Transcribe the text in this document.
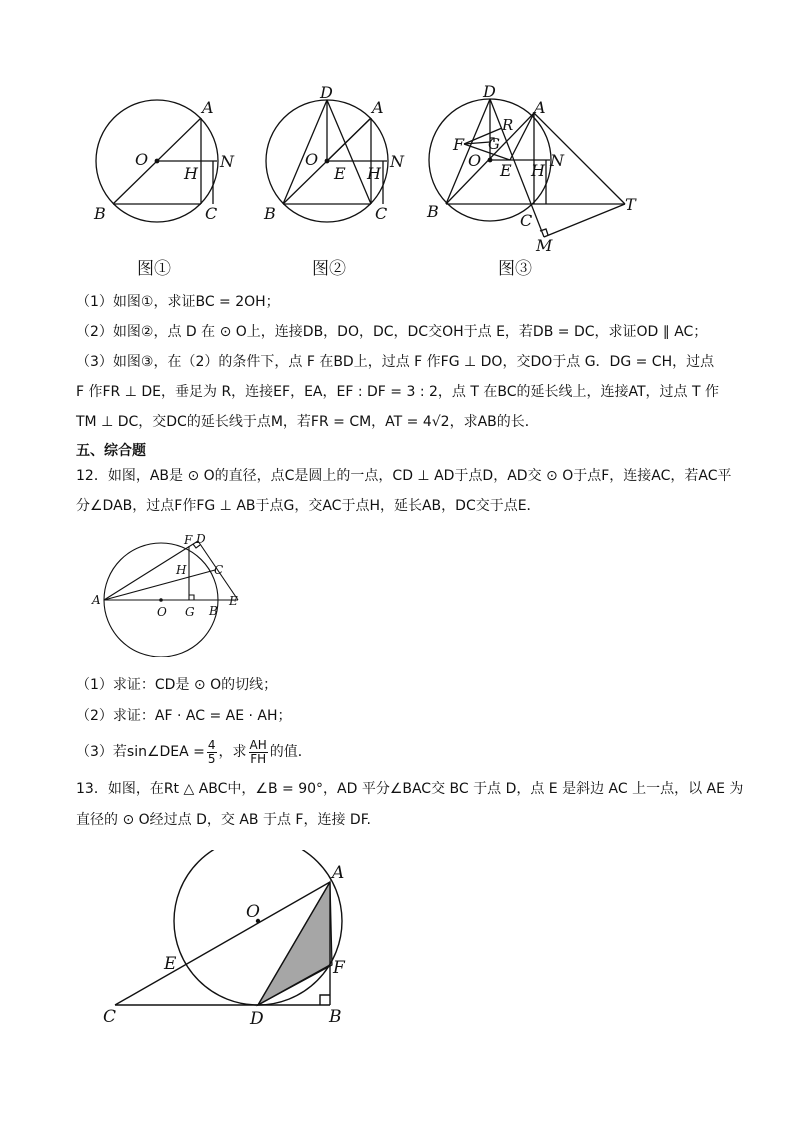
A
O	N
H
B	C
D
A
O	N
E H
B	C
D
A
R
F G
O	N
E H
B	C
T
M
图①	图②	图③
（1）如图①，求证BC = 2OH；
（2）如图②，点 D 在 ⊙ O上，连接DB，DO，DC，DC交OH于点 E，若DB = DC，求证OD ∥ AC；
（3）如图③，在（2）的条件下，点 F 在BD上，过点 F 作FG ⊥ DO，交DO于点 G．DG = CH，过点
F 作FR ⊥ DE，垂足为 R，连接EF，EA，EF : DF = 3 : 2，点 T 在BC的延长线上，连接AT，过点 T 作
TM ⊥ DC，交DC的延长线于点M，若FR = CM，AT = 4√2，求AB的长．
五、综合题
12．如图，AB是 ⊙ O的直径，点C是圆上的一点，CD ⊥ AD于点D，AD交 ⊙ O于点F，连接AC，若AC平
分∠DAB，过点F作FG ⊥ AB于点G，交AC于点H，延长AB，DC交于点E．
F D
H C
A	E
O G B
（1）求证：CD是 ⊙ O的切线；
（2）求证：AF · AC = AE · AH；
（3）若sin∠DEA = $\frac{4}{5}$ ，求 $\frac{AH}{FH}$ 的值．
13．如图，在Rt △ ABC中，∠B = 90°，AD 平分∠BAC交 BC 于点 D，点 E 是斜边 AC 上一点，以 AE 为
直径的 ⊙ O经过点 D，交 AB 于点 F，连接 DF.
A
O
E	F
C	D	B
